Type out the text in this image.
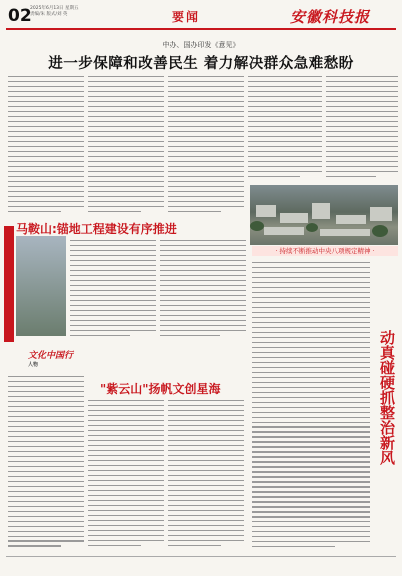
02
2025年6月13日 星期五
责编/朱 版式/刘 英	要闻	安徽科技报
中办、国办印发《意见》
进一步保障和改善民生 着力解决群众急难愁盼
· 持续不断推动中央八项规定精神 ·
动真碰硬抓整治新风
马鞍山:锚地工程建设有序推进
文化中国行
人物
"紫云山"扬帆文创星海
